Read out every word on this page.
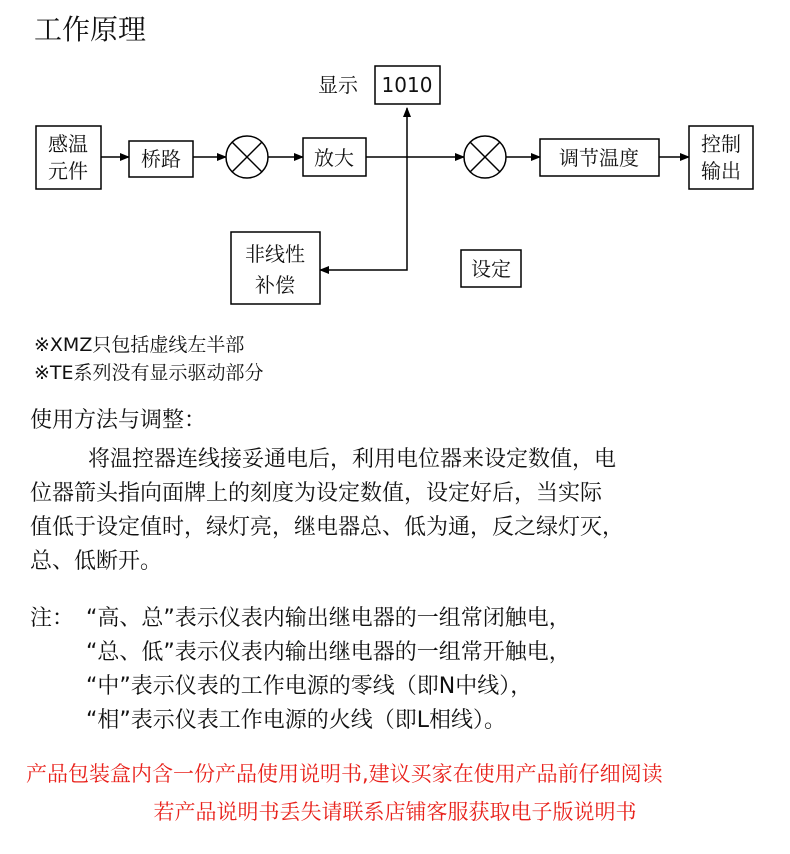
工作原理
感温
元件	桥路	放大
显示 1010
非线性
补偿
设定
调节温度
控制
输出
※XMZ只包括虚线左半部
※TE系列没有显示驱动部分
使用方法与调整：
将温控器连线接妥通电后，利用电位器来设定数值，电
位器箭头指向面牌上的刻度为设定数值，设定好后，当实际
值低于设定值时，绿灯亮，继电器总、低为通，反之绿灯灭，
总、低断开。
注： “高、总”表示仪表内输出继电器的一组常闭触电，
“总、低”表示仪表内输出继电器的一组常开触电，
“中”表示仪表的工作电源的零线（即N中线），
“相”表示仪表工作电源的火线（即L相线）。
产品包装盒内含一份产品使用说明书,建议买家在使用产品前仔细阅读
若产品说明书丢失请联系店铺客服获取电子版说明书
